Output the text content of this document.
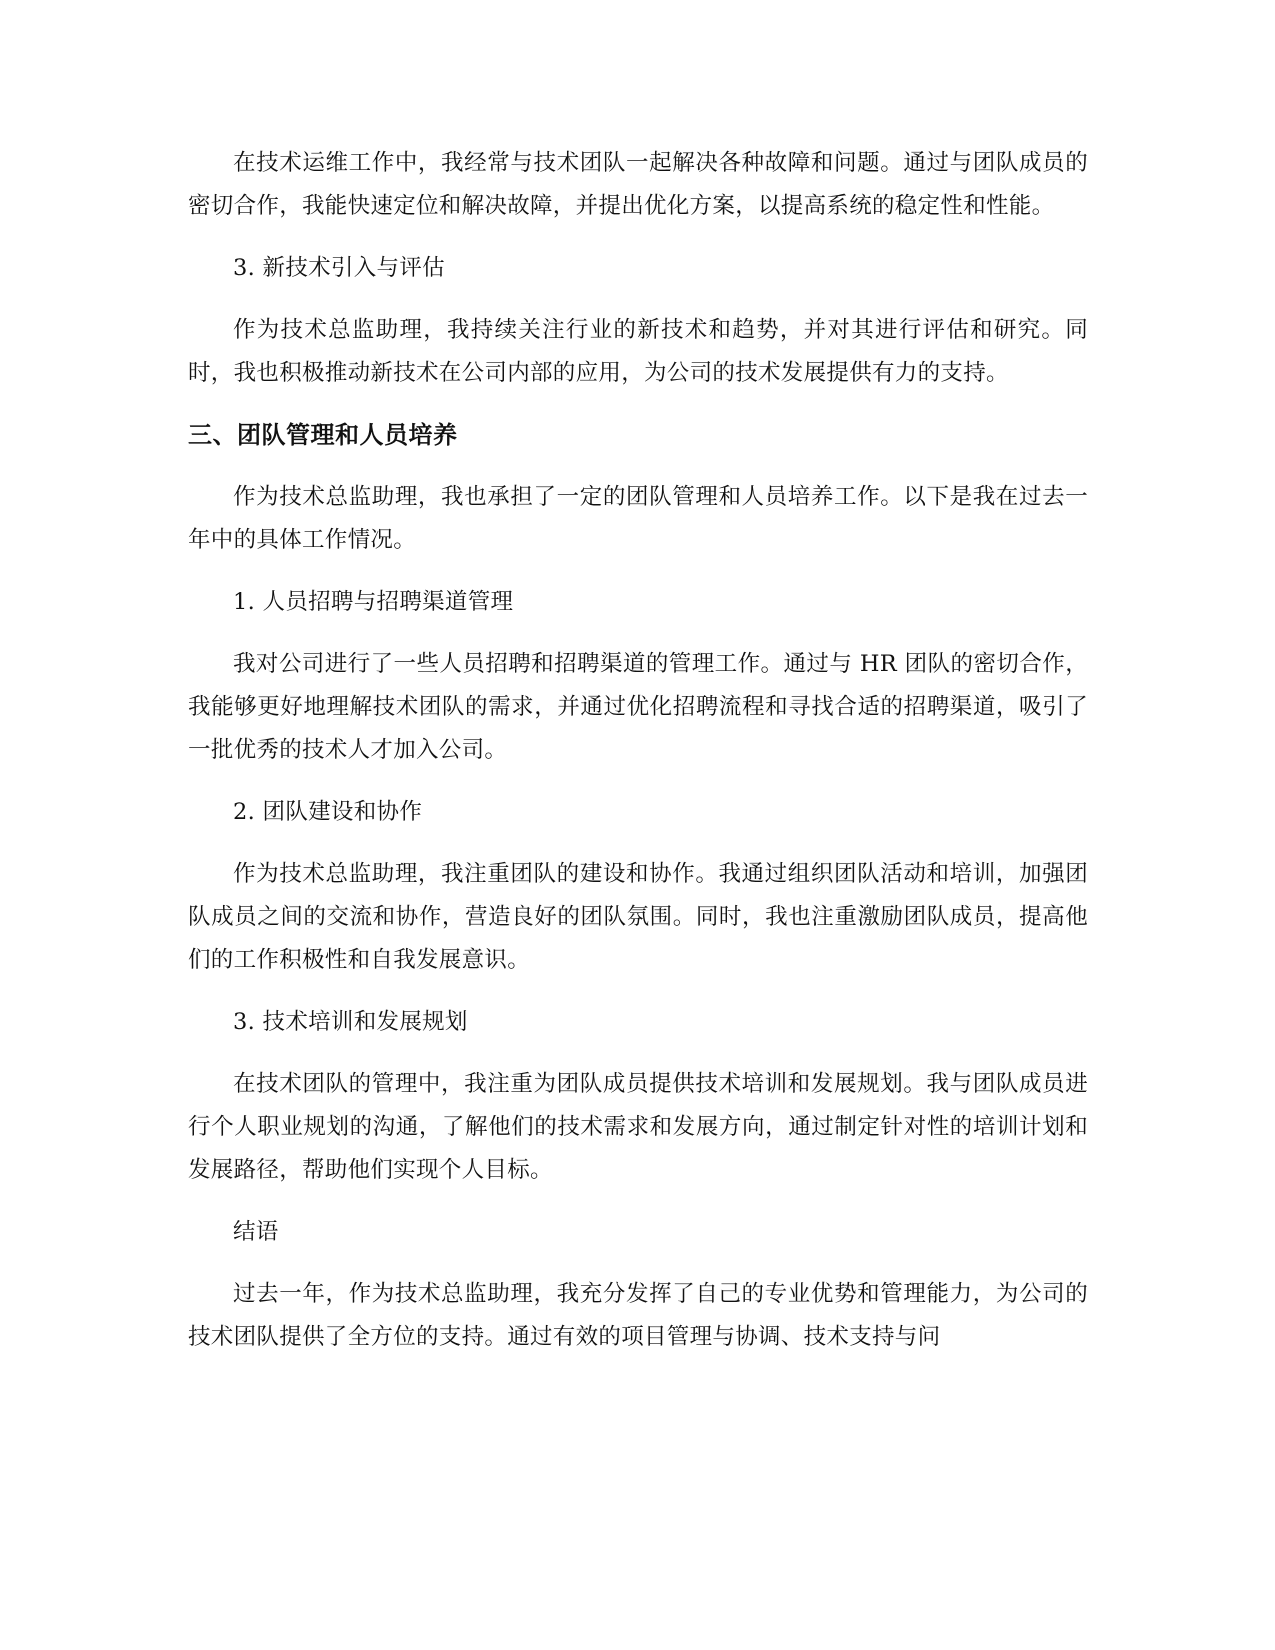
在技术运维工作中，我经常与技术团队一起解决各种故障和问题。通过与团队成员的密切合作，我能快速定位和解决故障，并提出优化方案，以提高系统的稳定性和性能。

3. 新技术引入与评估

作为技术总监助理，我持续关注行业的新技术和趋势，并对其进行评估和研究。同时，我也积极推动新技术在公司内部的应用，为公司的技术发展提供有力的支持。

三、团队管理和人员培养

作为技术总监助理，我也承担了一定的团队管理和人员培养工作。以下是我在过去一年中的具体工作情况。

1. 人员招聘与招聘渠道管理

我对公司进行了一些人员招聘和招聘渠道的管理工作。通过与 HR 团队的密切合作，我能够更好地理解技术团队的需求，并通过优化招聘流程和寻找合适的招聘渠道，吸引了一批优秀的技术人才加入公司。

2. 团队建设和协作

作为技术总监助理，我注重团队的建设和协作。我通过组织团队活动和培训，加强团队成员之间的交流和协作，营造良好的团队氛围。同时，我也注重激励团队成员，提高他们的工作积极性和自我发展意识。

3. 技术培训和发展规划

在技术团队的管理中，我注重为团队成员提供技术培训和发展规划。我与团队成员进行个人职业规划的沟通，了解他们的技术需求和发展方向，通过制定针对性的培训计划和发展路径，帮助他们实现个人目标。

结语

过去一年，作为技术总监助理，我充分发挥了自己的专业优势和管理能力，为公司的技术团队提供了全方位的支持。通过有效的项目管理与协调、技术支持与问
